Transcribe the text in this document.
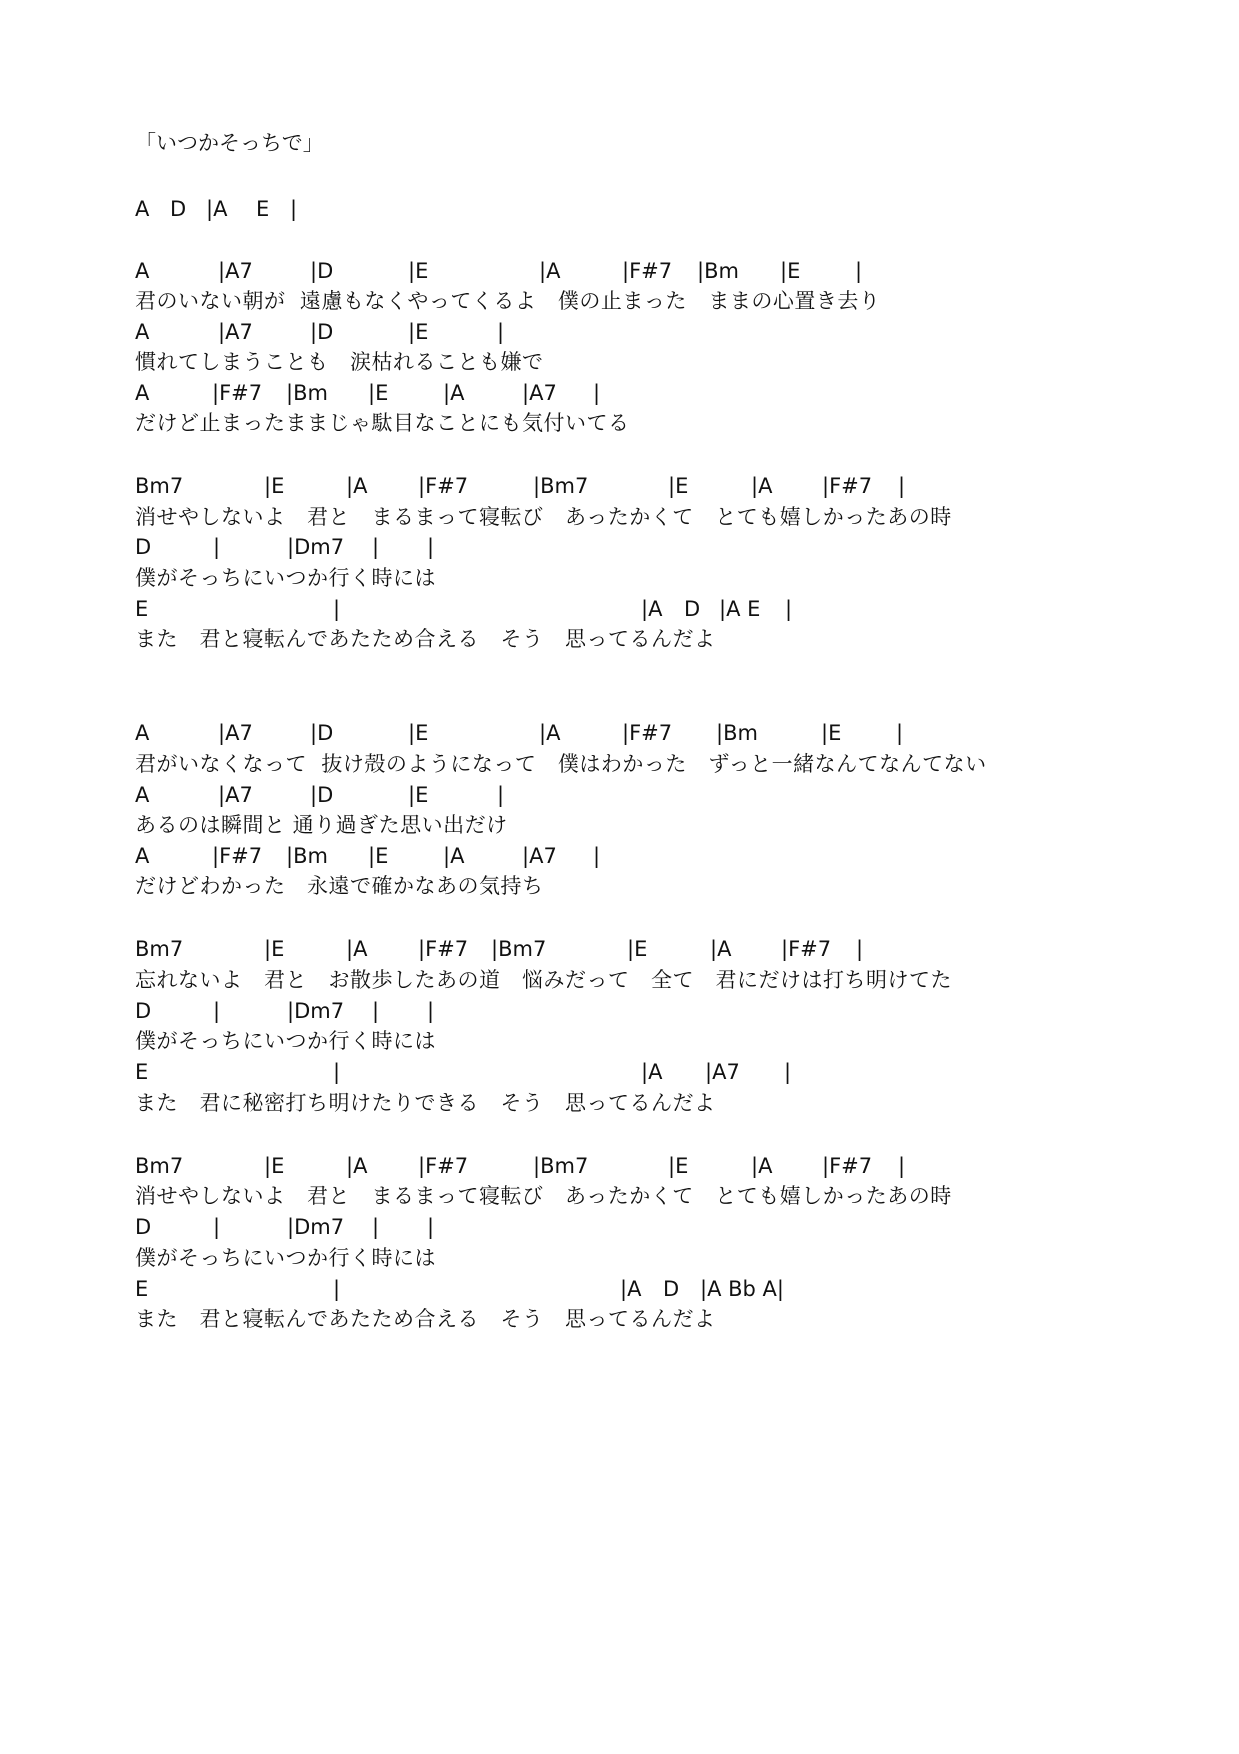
「いつかそっちで」

A

D

|A

E

|

A

	|A7

	|D

	|E

	|A

	|F#7

|Bm

|E

	|

君のいない朝が  遠慮もなくやってくるよ　僕の止まった　ままの心置き去り

A

	|A7

	|D

	|E

	|

慣れてしまうことも　涙枯れることも嫌で

A

	|F#7

|Bm

|E

	|A

	|A7

|

だけど止まったままじゃ駄目なことにも気付いてる

Bm7

	|E

	|A

|F#7

	|Bm7

	|E

	|A

|F#7

|

消せやしないよ　君と　まるまって寝転び　あったかくて　とても嬉しかったあの時

D

	|

	|Dm7

|

|

僕がそっちにいつか行く時には

E

	|

	|A

D

|A E

|

また　君と寝転んであたため合える　そう　思ってるんだよ

A

	|A7

	|D

	|E

	|A

	|F#7

|Bm

	|E

	|

君がいなくなって  抜け殻のようになって　僕はわかった　ずっと一緒なんてなんてない

A

	|A7

	|D

	|E

	|

あるのは瞬間と 通り過ぎた思い出だけ

A

	|F#7

|Bm

|E

	|A

	|A7

|

だけどわかった　永遠で確かなあの気持ち

Bm7

	|E

	|A

|F#7

|Bm7

	|E

	|A

|F#7

|

忘れないよ　君と　お散歩したあの道　悩みだって　全て　君にだけは打ち明けてた

D

	|

	|Dm7

|

|

僕がそっちにいつか行く時には

E

	|

	|A

|A7

|

また　君に秘密打ち明けたりできる　そう　思ってるんだよ

Bm7

	|E

	|A

|F#7

	|Bm7

	|E

	|A

|F#7

|

消せやしないよ　君と　まるまって寝転び　あったかくて　とても嬉しかったあの時

D

	|

	|Dm7

|

|

僕がそっちにいつか行く時には

E

	|

	|A

D

|A Bb A|

また　君と寝転んであたため合える　そう　思ってるんだよ
